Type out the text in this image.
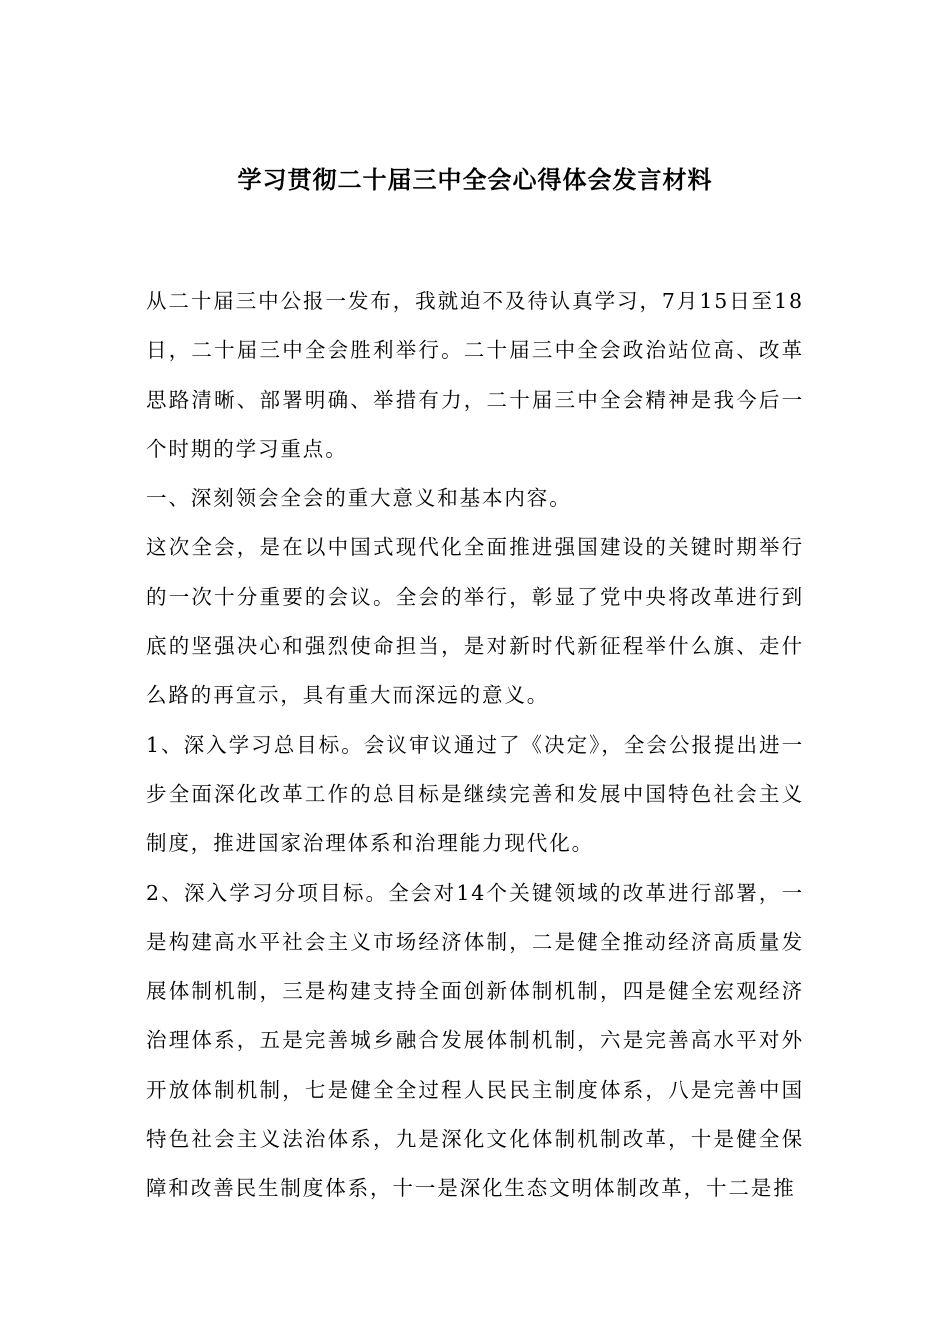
学习贯彻二十届三中全会心得体会发言材料

从二十届三中公报一发布，我就迫不及待认真学习，7月15日至18日，二十届三中全会胜利举行。二十届三中全会政治站位高、改革思路清晰、部署明确、举措有力，二十届三中全会精神是我今后一个时期的学习重点。

一、深刻领会全会的重大意义和基本内容。

这次全会，是在以中国式现代化全面推进强国建设的关键时期举行的一次十分重要的会议。全会的举行，彰显了党中央将改革进行到底的坚强决心和强烈使命担当，是对新时代新征程举什么旗、走什么路的再宣示，具有重大而深远的意义。

1、深入学习总目标。会议审议通过了《决定》，全会公报提出进一步全面深化改革工作的总目标是继续完善和发展中国特色社会主义制度，推进国家治理体系和治理能力现代化。

2、深入学习分项目标。全会对14个关键领域的改革进行部署，一是构建高水平社会主义市场经济体制，二是健全推动经济高质量发展体制机制，三是构建支持全面创新体制机制，四是健全宏观经济治理体系，五是完善城乡融合发展体制机制，六是完善高水平对外开放体制机制，七是健全全过程人民民主制度体系，八是完善中国特色社会主义法治体系，九是深化文化体制机制改革，十是健全保障和改善民生制度体系，十一是深化生态文明体制改革，十二是推
